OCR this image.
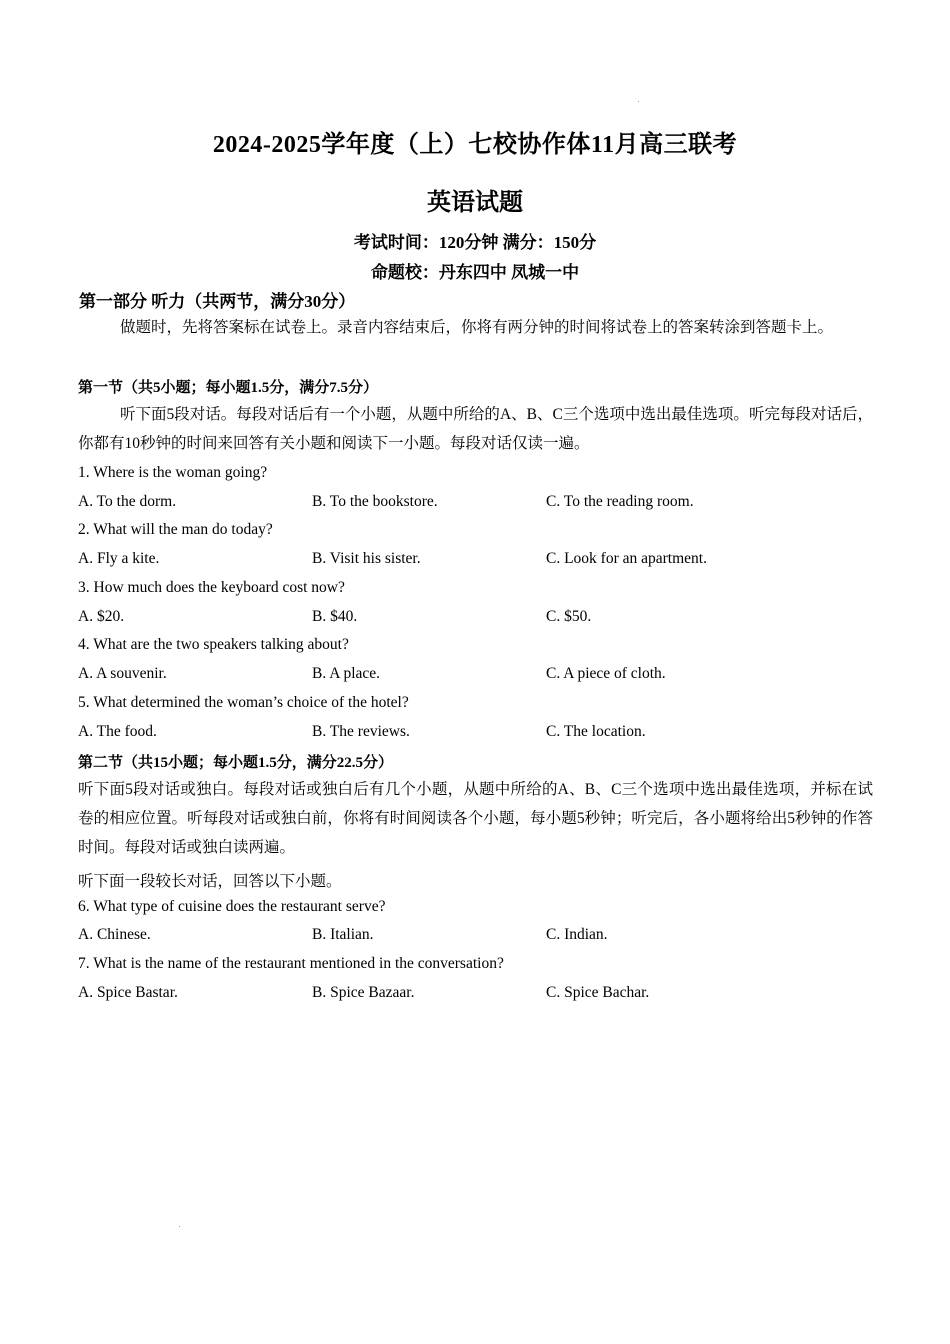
2024-2025学年度（上）七校协作体11月高三联考
英语试题
考试时间：120分钟 满分：150分
命题校：丹东四中 凤城一中
第一部分 听力（共两节，满分30分）
做题时，先将答案标在试卷上。录音内容结束后，你将有两分钟的时间将试卷上的答案转涂到答题卡上。
第一节（共5小题；每小题1.5分，满分7.5分）
听下面5段对话。每段对话后有一个小题，从题中所给的A、B、C三个选项中选出最佳选项。听完每段对话后，你都有10秒钟的时间来回答有关小题和阅读下一小题。每段对话仅读一遍。
1. Where is the woman going?
A. To the dorm.	B. To the bookstore.	C. To the reading room.
2. What will the man do today?
A. Fly a kite.	B. Visit his sister.	C. Look for an apartment.
3. How much does the keyboard cost now?
A. $20.	B. $40.	C. $50.
4. What are the two speakers talking about?
A. A souvenir.	B. A place.	C. A piece of cloth.
5. What determined the woman’s choice of the hotel?
A. The food.	B. The reviews.	C. The location.
第二节（共15小题；每小题1.5分，满分22.5分）
听下面5段对话或独白。每段对话或独白后有几个小题，从题中所给的A、B、C三个选项中选出最佳选项，并标在试卷的相应位置。听每段对话或独白前，你将有时间阅读各个小题，每小题5秒钟；听完后，各小题将给出5秒钟的作答时间。每段对话或独白读两遍。
听下面一段较长对话，回答以下小题。
6. What type of cuisine does the restaurant serve?
A. Chinese.	B. Italian.	C. Indian.
7. What is the name of the restaurant mentioned in the conversation?
A. Spice Bastar.	B. Spice Bazaar.	C. Spice Bachar.
